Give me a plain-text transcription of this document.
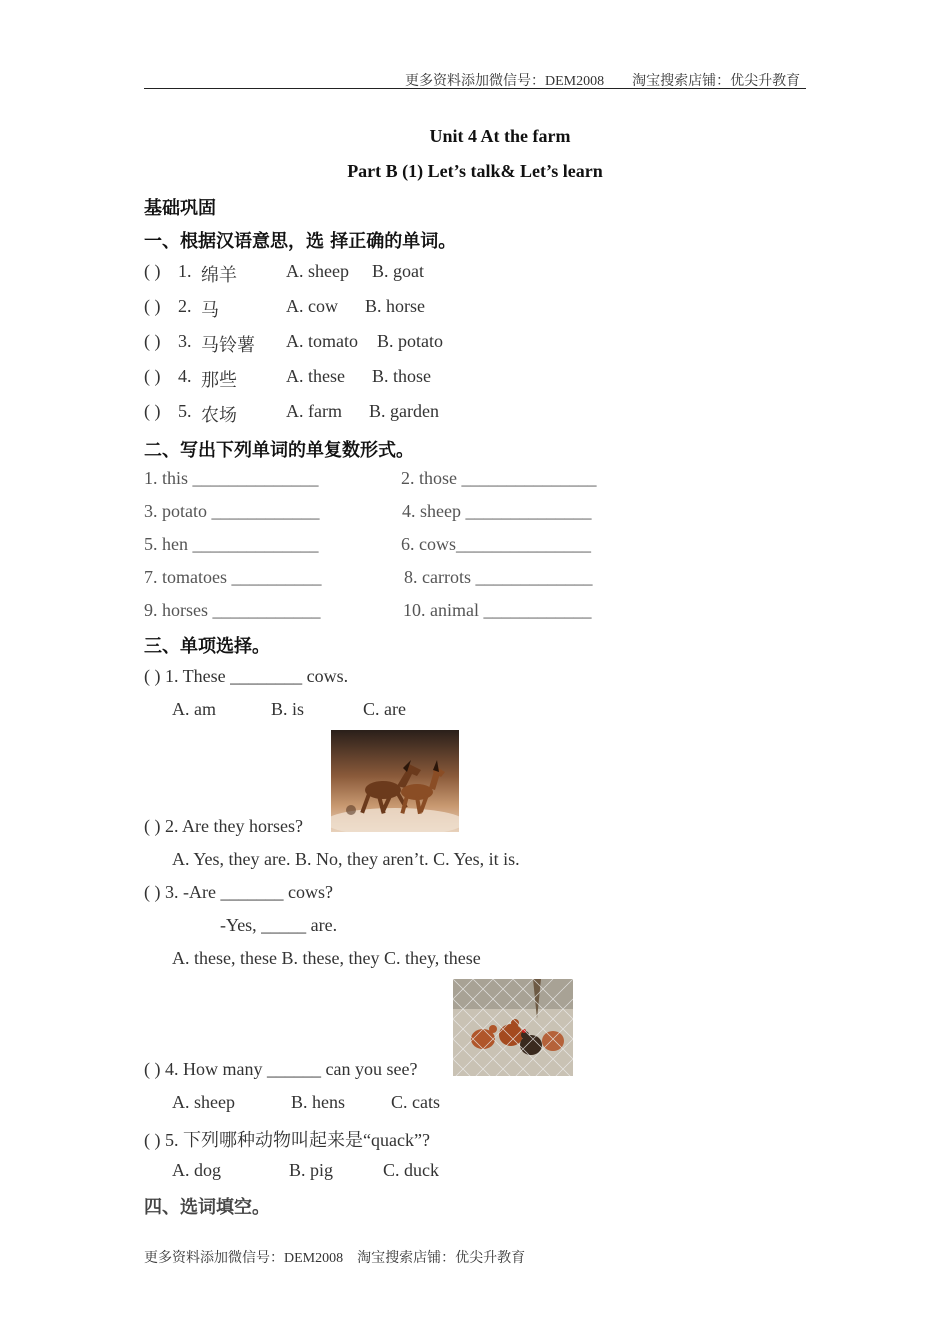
更多资料添加微信号：DEM2008　　淘宝搜索店铺：优尖升教育
Unit 4 At the farm
Part B (1) Let’s talk& Let’s learn
基础巩固
一、根据汉语意思，选 择正确的单词。
( ) 1. 绵羊	A. sheep B. goat
( ) 2. 马	A. cow B. horse
( ) 3. 马铃薯 A. tomato B. potato
( ) 4. 那些	A. these B. those
( ) 5. 农场	A. farm B. garden
二、写出下列单词的单复数形式。
1. this ______________	2. those _______________
3. potato ____________	4. sheep ______________
5. hen ______________	6. cows_______________
7. tomatoes __________	8. carrots _____________
9. horses ____________	10. animal ____________
三、单项选择。
( ) 1. These ________ cows.
A. am	B. is	C. are
( ) 2. Are they horses?
A. Yes, they are. B. No, they aren’t. C. Yes, it is.
( ) 3. -Are _______ cows?
-Yes, _____ are.
A. these, these B. these, they C. they, these
( ) 4. How many ______ can you see?
A. sheep	B. hens	C. cats
( ) 5. 下列哪种动物叫起来是“quack”?
A. dog	B. pig	C. duck
四、选词填空。
更多资料添加微信号：DEM2008　淘宝搜索店铺：优尖升教育
